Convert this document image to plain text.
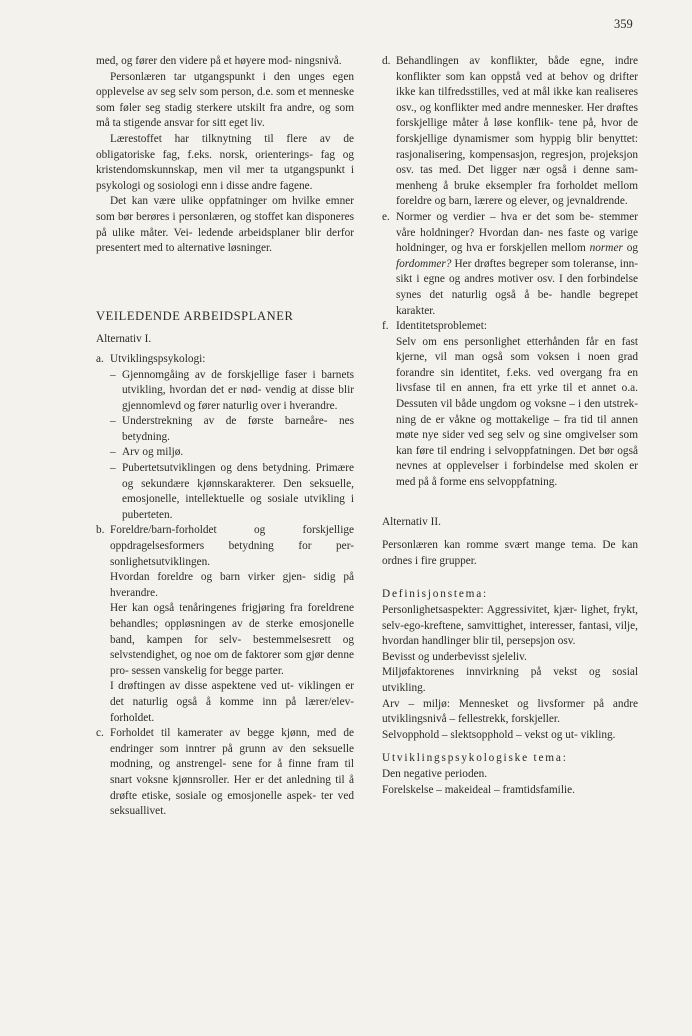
359

med, og fører den videre på et høyere mod- ningsnivå.

Personlæren tar utgangspunkt i den unges egen opplevelse av seg selv som person, d.e. som et menneske som føler seg stadig sterkere utskilt fra andre, og som må ta stigende ansvar for sitt eget liv.

Lærestoffet har tilknytning til flere av de obligatoriske fag, f.eks. norsk, orienterings- fag og kristendomskunnskap, men vil mer ta utgangspunkt i psykologi og sosiologi enn i disse andre fagene.

Det kan være ulike oppfatninger om hvilke emner som bør berøres i personlæren, og stoffet kan disponeres på ulike måter. Vei- ledende arbeidsplaner blir derfor presentert med to alternative løsninger.

VEILEDENDE ARBEIDSPLANER

Alternativ I.

a. Utviklingspsykologi:

– Gjennomgåing av de forskjellige faser i barnets utvikling, hvordan det er nød- vendig at disse blir gjennomlevd og fører naturlig over i hverandre.
– Understrekning av de første barneåre- nes betydning.
– Arv og miljø.
– Pubertetsutviklingen og dens betydning. Primære og sekundære kjønnskarakterer. Den seksuelle, emosjonelle, intellektuelle og sosiale utvikling i puberteten.
b. Foreldre/barn-forholdet og forskjellige oppdragelsesformers betydning for per- sonlighetsutviklingen.

Hvordan foreldre og barn virker gjen- sidig på hverandre.

Her kan også tenåringenes frigjøring fra foreldrene behandles; oppløsningen av de sterke emosjonelle band, kampen for selv- bestemmelsesrett og selvstendighet, og noe om de faktorer som gjør denne pro- sessen vanskelig for begge parter.

I drøftingen av disse aspektene ved ut- viklingen er det naturlig også å komme inn på lærer/elev-forholdet.

c. Forholdet til kamerater av begge kjønn, med de endringer som inntrer på grunn av den seksuelle modning, og anstrengel- sene for å finne fram til snart voksne kjønnsroller. Her er det anledning til å drøfte etiske, sosiale og emosjonelle aspek- ter ved seksuallivet.

d. Behandlingen av konflikter, både egne, indre konflikter som kan oppstå ved at behov og drifter ikke kan tilfredsstilles, ved at mål ikke kan realiseres osv., og konflikter med andre mennesker. Her drøftes forskjellige måter å løse konflik- tene på, hvor de forskjellige dynamismer som hyppig blir benyttet: rasjonalisering, kompensasjon, regresjon, projeksjon osv. tas med. Det ligger nær også i denne sam- menheng å bruke eksempler fra forholdet mellom foreldre og barn, lærere og elever, og jevnaldrende.

e. Normer og verdier – hva er det som be- stemmer våre holdninger? Hvordan dan- nes faste og varige holdninger, og hva er forskjellen mellom normer og fordommer? Her drøftes begreper som toleranse, inn- sikt i egne og andres motiver osv. I den forbindelse synes det naturlig også å be- handle begrepet karakter.

f. Identitetsproblemet:

Selv om ens personlighet etterhånden får en fast kjerne, vil man også som voksen i noen grad forandre sin identitet, f.eks. ved overgang fra en livsfase til en annen, fra ett yrke til et annet o.a. Dessuten vil både ungdom og voksne – i den utstrek- ning de er våkne og mottakelige – fra tid til annen møte nye sider ved seg selv og sine omgivelser som kan føre til endring i selvoppfatningen. Det bør også nevnes at opplevelser i forbindelse med skolen er med på å forme ens selvoppfatning.

Alternativ II.

Personlæren kan romme svært mange tema. De kan ordnes i fire grupper.

Definisjonstema:

Personlighetsaspekter: Aggressivitet, kjær- lighet, frykt, selv-ego-kreftene, samvittighet, interesser, fantasi, vilje, hvordan handlinger blir til, persepsjon osv.

Bevisst og underbevisst sjeleliv.

Miljøfaktorenes innvirkning på vekst og sosial utvikling.

Arv – miljø: Mennesket og livsformer på andre utviklingsnivå – fellestrekk, forskjeller.

Selvopphold – slektsopphold – vekst og ut- vikling.

Utviklingspsykologiske tema:

Den negative perioden.

Forelskelse – makeideal – framtidsfamilie.
